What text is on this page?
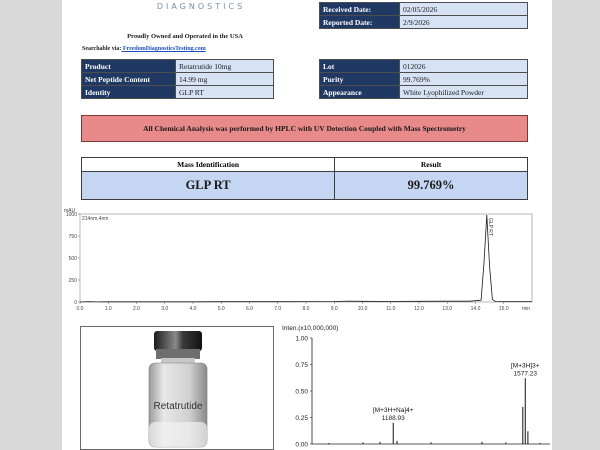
DIAGNOSTICS
Proudly Owned and Operated in the USA
Searchable via: FreedomDiagnosticsTesting.com
Received Date:	02/05/2026
Reported Date:	2/9/2026
Product	Retatrutide 10mg
Net Peptide Content	14.99 mg
Identity	GLP RT
Lot	012026
Purity	99.769%
Appearance	White Lyophilized Powder
All Chemical Analysis was performed by HPLC with UV Detection Coupled with Mass Spectrometry
Mass Identification	Result
GLP RT	99.769%
mAU
214nm,4nm
1000
750
500
250
0
0.0	1.0	2.0	3.0	4.0	5.0	6.0	7.0	8.0	9.0	10.0	11.0	12.0	13.0	14.0	15.0	min
GLP RT
Retatrutide
Inten.(x10,000,000)
1.00
0.75
0.50
0.25
0.00
1188.93
[M+3H+Na]4+
1577.23
[M+3H]3+
